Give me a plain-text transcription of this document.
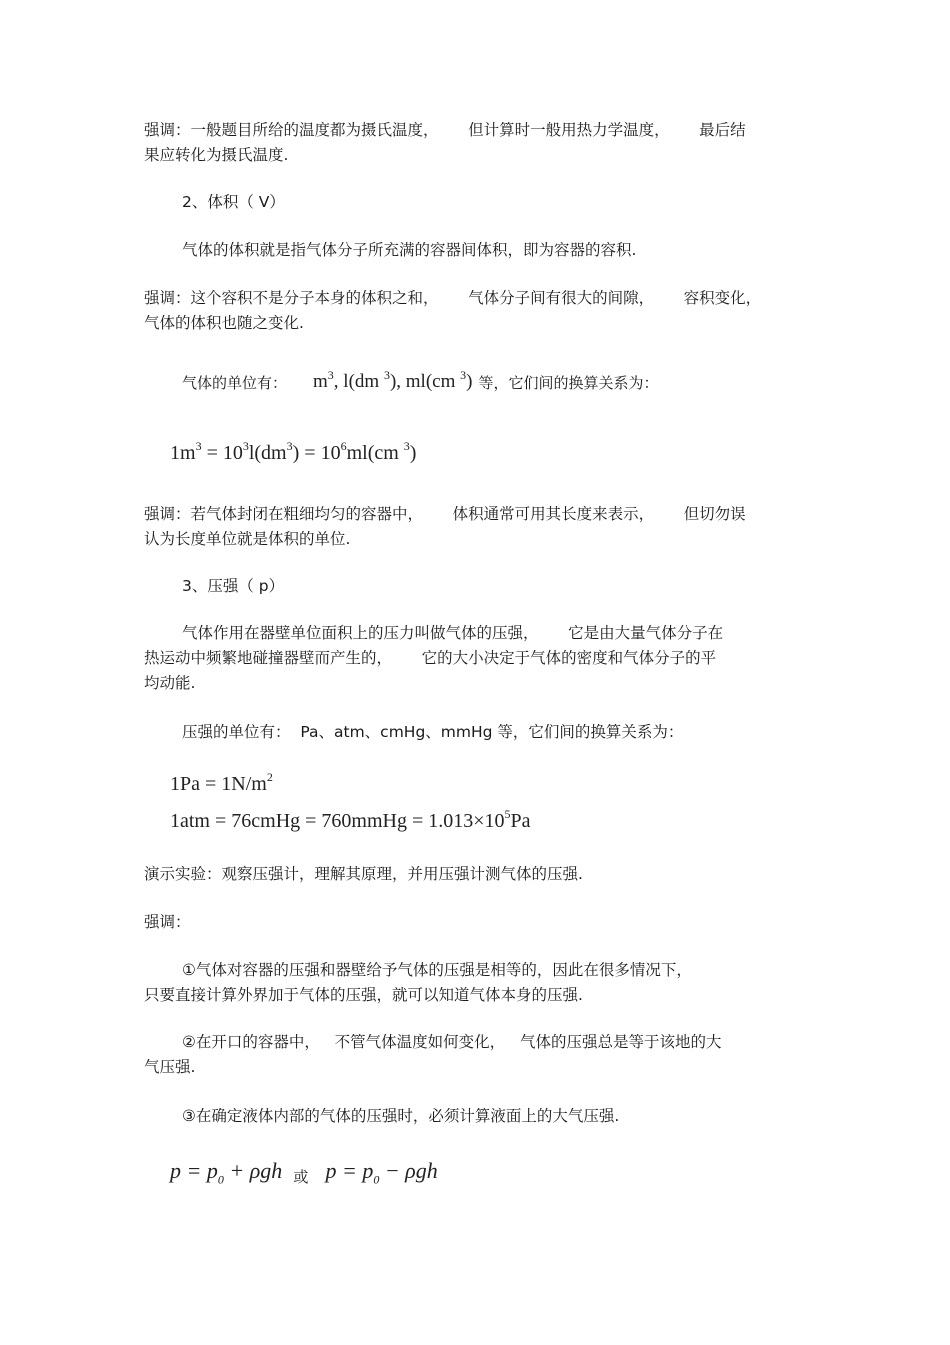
强调：一般题目所给的温度都为摄氏温度，      但计算时一般用热力学温度，      最后结
果应转化为摄氏温度.

2、体积（ V）

气体的体积就是指气体分子所充满的容器间体积，即为容器的容积.

强调：这个容积不是分子本身的体积之和，      气体分子间有很大的间隙，      容积变化，
气体的体积也随之变化.

气体的单位有： $m^3$, l(dm $^3$), ml(cm $^3$) 等，它们间的换算关系为：
$1m^3 = 10^3l(dm^3) = 10^6ml(cm$ $^3$)

强调：若气体封闭在粗细均匀的容器中，      体积通常可用其长度来表示，      但切勿误
认为长度单位就是体积的单位.

3、压强（ p）

气体作用在器壁单位面积上的压力叫做气体的压强，      它是由大量气体分子在
热运动中频繁地碰撞器壁而产生的，      它的大小决定于气体的密度和气体分子的平
均动能.

压强的单位有：  Pa、atm、cmHg、mmHg 等，它们间的换算关系为：

$1Pa = 1N/m^2$
1atm = 76cmHg = 760mmHg = $1.013\times 10^5Pa$

演示实验：观察压强计，理解其原理，并用压强计测气体的压强.

强调：

①气体对容器的压强和器壁给予气体的压强是相等的，因此在很多情况下，
只要直接计算外界加于气体的压强，就可以知道气体本身的压强.

②在开口的容器中，   不管气体温度如何变化，   气体的压强总是等于该地的大
气压强.

③在确定液体内部的气体的压强时，必须计算液面上的大气压强.

$p = p_0 + \rho gh$ 或 $p = p_0 - \rho gh$
